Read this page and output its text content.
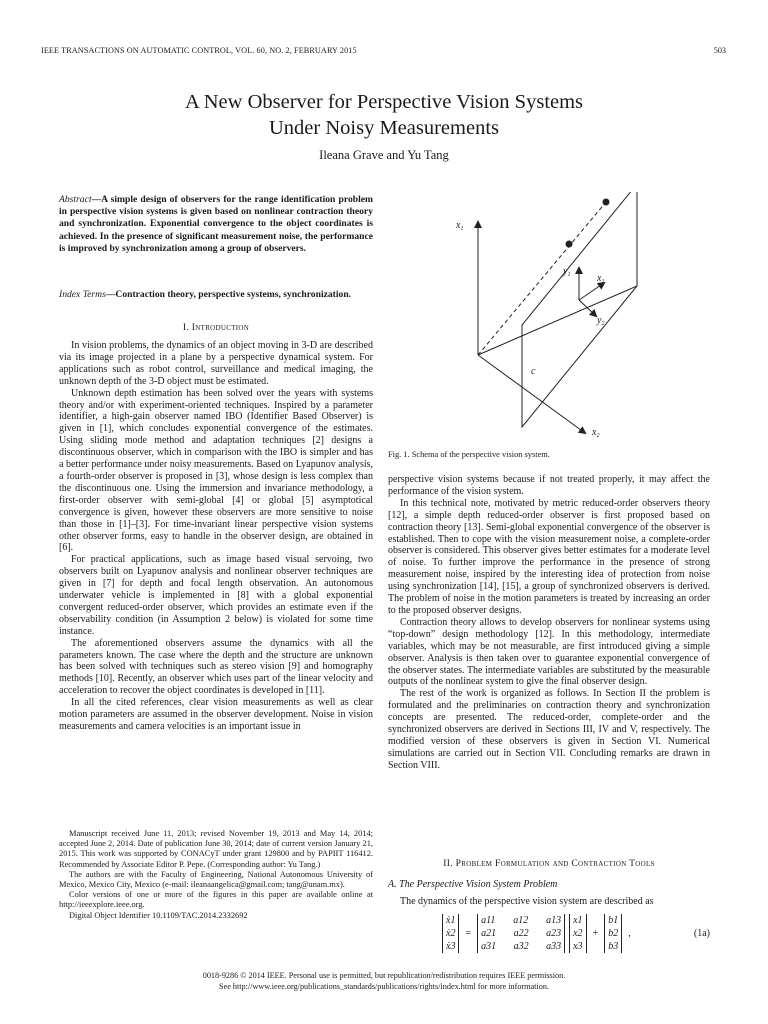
IEEE TRANSACTIONS ON AUTOMATIC CONTROL, VOL. 60, NO. 2, FEBRUARY 2015	503
A New Observer for Perspective Vision Systems
Under Noisy Measurements
Ileana Grave and Yu Tang
Abstract—A simple design of observers for the range identification problem in perspective vision systems is given based on nonlinear contraction theory and synchronization. Exponential convergence to the object coordinates is achieved. In the presence of significant measurement noise, the performance is improved by synchronization among a group of observers.
Index Terms—Contraction theory, perspective systems, synchronization.
I. Introduction

In vision problems, the dynamics of an object moving in 3-D are described via its image projected in a plane by a perspective dynamical system. For applications such as robot control, surveillance and medical imaging, the unknown depth of the 3-D object must be estimated.

Unknown depth estimation has been solved over the years with systems theory and/or with experiment-oriented techniques. Inspired by a parameter identifier, a high-gain observer named IBO (Identifier Based Observer) is given in [1], which concludes exponential convergence of the estimates. Using sliding mode method and adaptation techniques [2] designs a discontinuous observer, which in comparison with the IBO is simpler and has a better performance under noisy measurements. Based on Lyapunov analysis, a fourth-order observer is proposed in [3], whose design is less complex than the discontinuous one. Using the immersion and invariance methodology, a first-order observer with semi-global [4] or global [5] asymptotical convergence is given, however these observers are more sensitive to noise than those in [1]–[3]. For time-invariant linear perspective vision systems other observer forms, easy to handle in the observer design, are obtained in [6].

For practical applications, such as image based visual servoing, two observers built on Lyapunov analysis and nonlinear observer techniques are given in [7] for depth and focal length observation. An autonomous underwater vehicle is implemented in [8] with a global exponential convergent reduced-order observer, which provides an estimate even if the observability condition (in Assumption 2 below) is violated for some time instance.

The aforementioned observers assume the dynamics with all the parameters known. The case where the depth and the structure are unknown has been solved with techniques such as stereo vision [9] and homography methods [10]. Recently, an observer which uses part of the linear velocity and acceleration to recover the object coordinates is developed in [11].

In all the cited references, clear vision measurements as well as clear motion parameters are assumed in the observer development. Noise in vision measurements and camera velocities is an important issue in

Manuscript received June 11, 2013; revised November 19, 2013 and May 14, 2014; accepted June 2, 2014. Date of publication June 30, 2014; date of current version January 21, 2015. This work was supported by CONACyT under grant 129800 and by PAPIIT 116412. Recommended by Associate Editor P. Pepe. (Corresponding author: Yu Tang.)

The authors are with the Faculty of Engineering, National Autonomous University of Mexico, Mexico City, Mexico (e-mail: ileanaangelica@gmail.com; tang@unam.mx).

Color versions of one or more of the figures in this paper are available online at http://ieeexplore.ieee.org.

Digital Object Identifier 10.1109/TAC.2014.2332692

$x_1$
$x_2$
$y_1$
$y_2$
$x_1$
c
Fig. 1. Schema of the perspective vision system.

perspective vision systems because if not treated properly, it may affect the performance of the vision system.

In this technical note, motivated by metric reduced-order observers theory [12], a simple depth reduced-order observer is first proposed based on contraction theory [13]. Semi-global exponential convergence of the observer is established. Then to cope with the vision measurement noise, a complete-order observer is considered. This observer gives better estimates for a moderate level of noise. To further improve the performance in the presence of strong measurement noise, inspired by the interesting idea of protection from noise using synchronization [14], [15], a group of synchronized observers is derived. The problem of noise in the motion parameters is treated by increasing an order to the proposed observer designs.

Contraction theory allows to develop observers for nonlinear systems using “top-down” design methodology [12]. In this methodology, intermediate variables, which may be not measurable, are first introduced giving a simple observer. Analysis is then taken over to guarantee exponential convergence of the observer states. The intermediate variables are substituted by the measurable outputs of the nonlinear system to give the final observer design.

The rest of the work is organized as follows. In Section II the problem is formulated and the preliminaries on contraction theory and synchronization concepts are presented. The reduced-order, complete-order and the synchronized observers are derived in Sections III, IV and V, respectively. The modified version of these observers is given in Section VI. Numerical simulations are carried out in Section VII. Concluding remarks are drawn in Section VIII.

II. Problem Formulation and Contraction Tools
A. The Perspective Vision System Problem
The dynamics of the perspective vision system are described as
ẋ1
ẋ2
ẋ3
=
a11 a12 a13
a21 a22 a23
a31 a32 a33
x1
x2
x3
+
b1
b2
b3
,	(1a)
0018-9286 © 2014 IEEE. Personal use is permitted, but republication/redistribution requires IEEE permission.
See http://www.ieee.org/publications_standards/publications/rights/index.html for more information.
